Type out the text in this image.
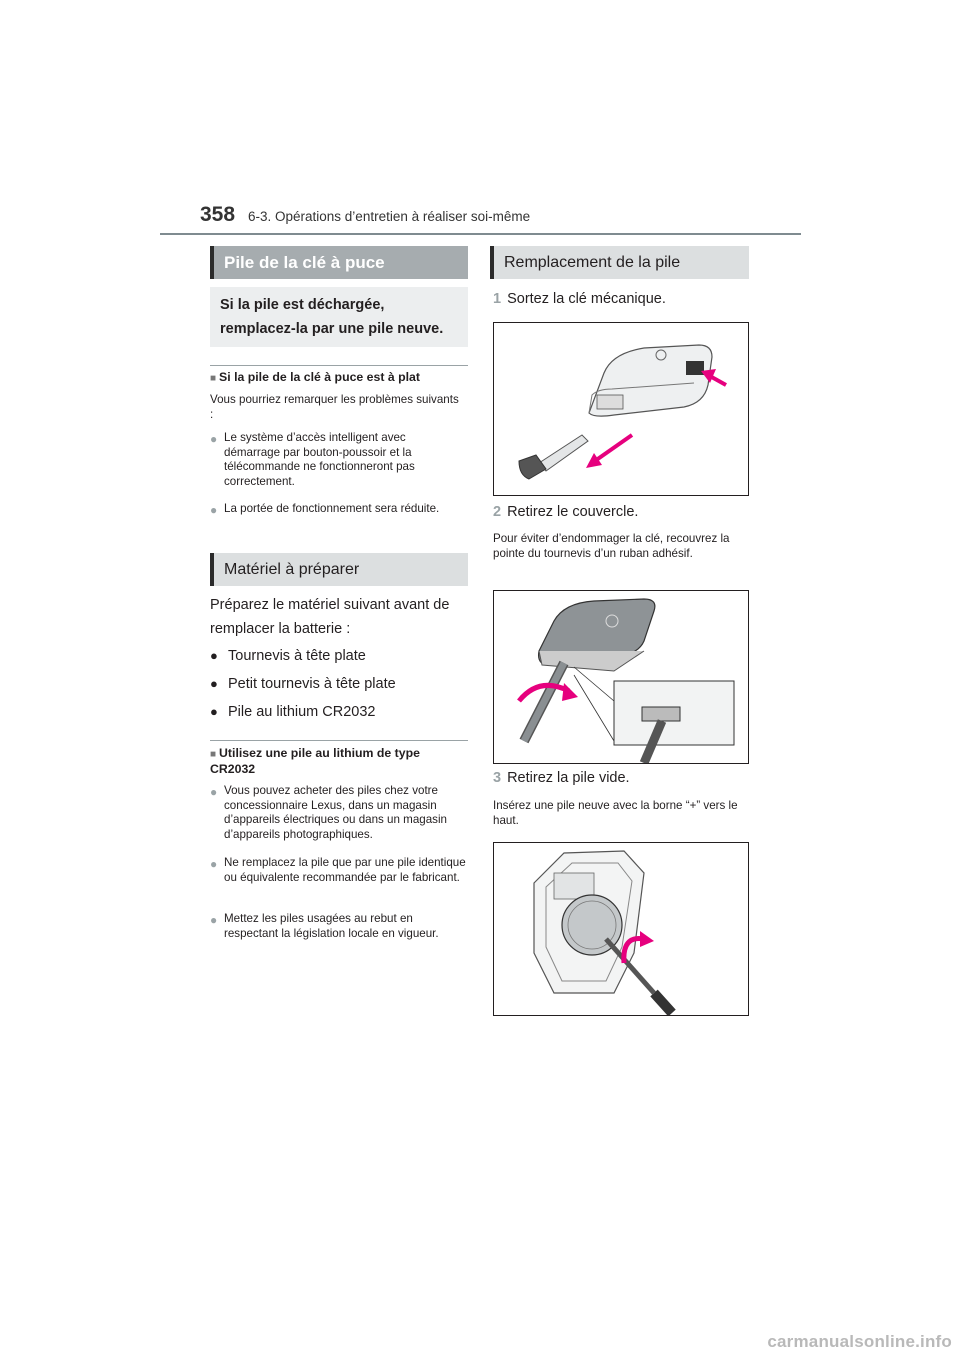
358 6-3. Opérations d’entretien à réaliser soi-même
Pile de la clé à puce
Si la pile est déchargée, remplacez-la par une pile neuve.
■ Si la pile de la clé à puce est à plat
Vous pourriez remarquer les problèmes suivants :
● Le système d’accès intelligent avec démarrage par bouton-poussoir et la télécommande ne fonctionneront pas correctement.
● La portée de fonctionnement sera réduite.
Matériel à préparer
Préparez le matériel suivant avant de remplacer la batterie :
● Tournevis à tête plate
● Petit tournevis à tête plate
● Pile au lithium CR2032
■ Utilisez une pile au lithium de type CR2032
● Vous pouvez acheter des piles chez votre concessionnaire Lexus, dans un magasin d’appareils électriques ou dans un magasin d’appareils photographiques.
● Ne remplacez la pile que par une pile identique ou équivalente recommandée par le fabricant.
● Mettez les piles usagées au rebut en respectant la législation locale en vigueur.
Remplacement de la pile
1 Sortez la clé mécanique.
2 Retirez le couvercle.
Pour éviter d’endommager la clé, recouvrez la pointe du tournevis d’un ruban adhésif.
3 Retirez la pile vide.
Insérez une pile neuve avec la borne “+” vers le haut.
carmanualsonline.info
